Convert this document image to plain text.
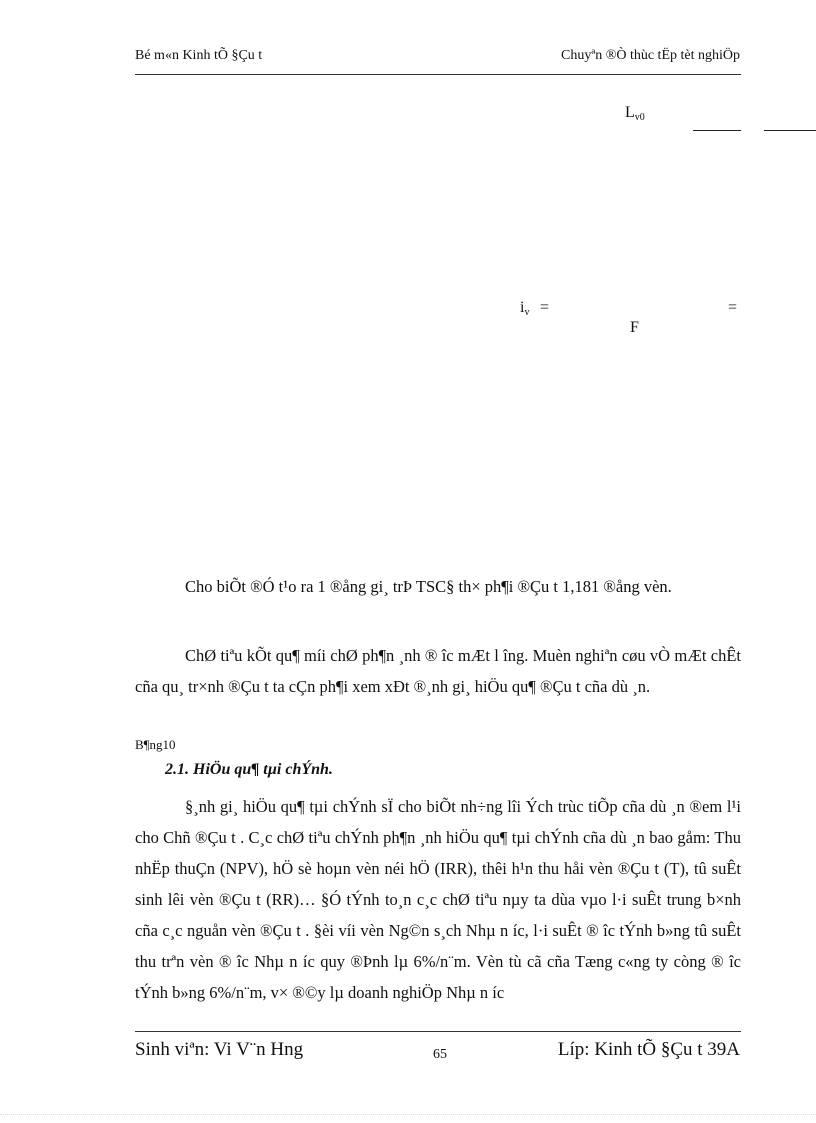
Bé m«n Kinh tÕ §Çu t	Chuyªn ®Ò thùc tËp tèt nghiÖp
$L_{v0}$
$i_v$ =	=
F

Cho biÕt ®Ó t¹o ra 1 ®ång gi¸ trÞ TSC§ th× ph¶i ®Çu t 1,181 ®ång vèn.

ChØ tiªu kÕt qu¶ míi chØ ph¶n ¸nh ® îc mÆt l îng. Muèn nghiªn cøu vÒ mÆt chÊt cña qu¸ tr×nh ®Çu t ta cÇn ph¶i xem xÐt ®¸nh gi¸ hiÖu qu¶ ®Çu t cña dù ¸n.

B¶ng10
2.1. HiÖu qu¶ tµi chÝnh.

§¸nh gi¸ hiÖu qu¶ tµi chÝnh sÏ cho biÕt nh÷ng lîi Ých trùc tiÕp cña dù ¸n ®em l¹i cho Chñ ®Çu t . C¸c chØ tiªu chÝnh ph¶n ¸nh hiÖu qu¶ tµi chÝnh cña dù ¸n bao gåm: Thu nhËp thuÇn (NPV), hÖ sè hoµn vèn néi hÖ (IRR), thêi h¹n thu håi vèn ®Çu t (T), tû suÊt sinh lêi vèn ®Çu t (RR)… §Ó tÝnh to¸n c¸c chØ tiªu nµy ta dùa vµo l·i suÊt trung b×nh cña c¸c nguån vèn ®Çu t . §èi víi vèn Ng©n s¸ch Nhµ n íc, l·i suÊt ® îc tÝnh b»ng tû suÊt thu trªn vèn ® îc Nhµ n íc quy ®Þnh lµ 6%/n¨m. Vèn tù cã cña Tæng c«ng ty còng ® îc tÝnh b»ng 6%/n¨m, v× ®©y lµ doanh nghiÖp Nhµ n íc

Sinh viªn: Vi V¨n Hng	65	Líp: Kinh tÕ §Çu t 39A
